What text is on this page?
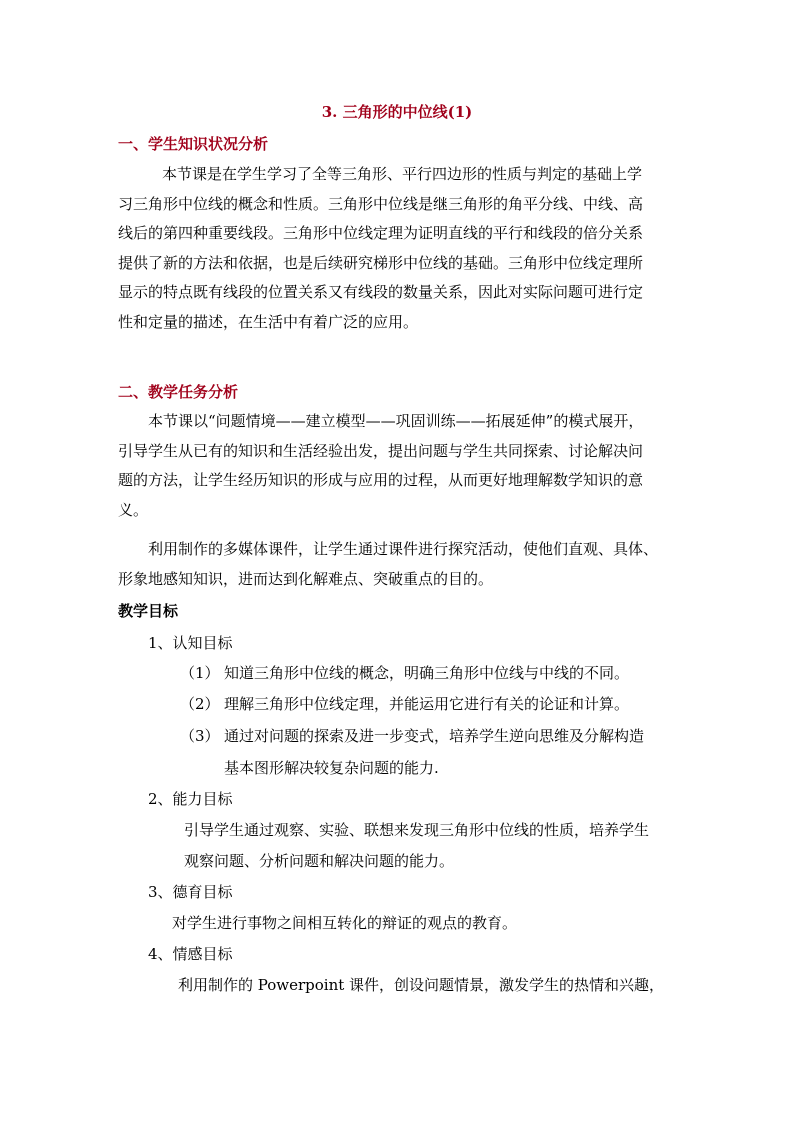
3. 三角形的中位线(1)
一、学生知识状况分析
本节课是在学生学习了全等三角形、平行四边形的性质与判定的基础上学
习三角形中位线的概念和性质。三角形中位线是继三角形的角平分线、中线、高
线后的第四种重要线段。三角形中位线定理为证明直线的平行和线段的倍分关系
提供了新的方法和依据，也是后续研究梯形中位线的基础。三角形中位线定理所
显示的特点既有线段的位置关系又有线段的数量关系，因此对实际问题可进行定
性和定量的描述，在生活中有着广泛的应用。
二、教学任务分析
本节课以“问题情境——建立模型——巩固训练——拓展延伸”的模式展开，
引导学生从已有的知识和生活经验出发，提出问题与学生共同探索、讨论解决问
题的方法，让学生经历知识的形成与应用的过程，从而更好地理解数学知识的意
义。
利用制作的多媒体课件，让学生通过课件进行探究活动，使他们直观、具体、
形象地感知知识，进而达到化解难点、突破重点的目的。
教学目标
1、认知目标
（1） 知道三角形中位线的概念，明确三角形中位线与中线的不同。
（2） 理解三角形中位线定理，并能运用它进行有关的论证和计算。
（3） 通过对问题的探索及进一步变式，培养学生逆向思维及分解构造
基本图形解决较复杂问题的能力.
2、能力目标
引导学生通过观察、实验、联想来发现三角形中位线的性质，培养学生
观察问题、分析问题和解决问题的能力。
3、德育目标
对学生进行事物之间相互转化的辩证的观点的教育。
4、情感目标
利用制作的 Powerpoint 课件，创设问题情景，激发学生的热情和兴趣，
